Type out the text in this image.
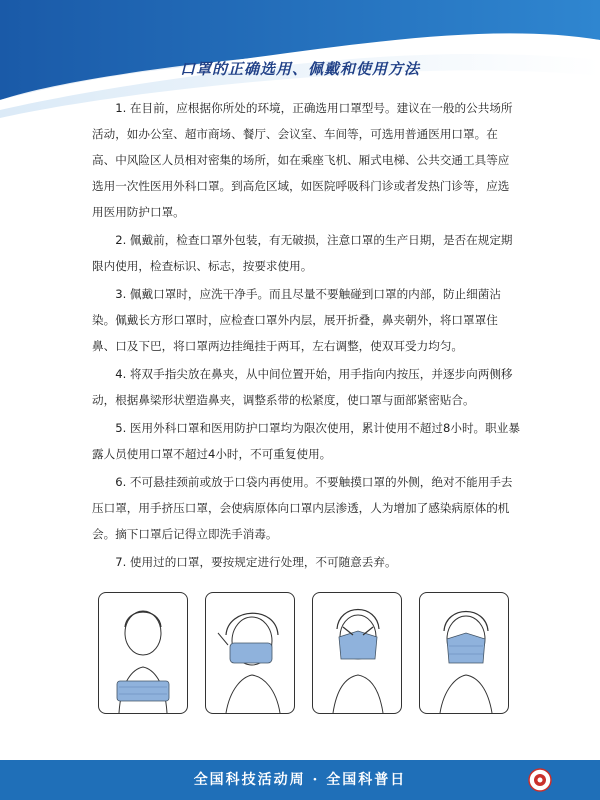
口罩的正确选用、佩戴和使用方法

1. 在目前，应根据你所处的环境，正确选用口罩型号。建议在一般的公共场所活动，如办公室、超市商场、餐厅、会议室、车间等，可选用普通医用口罩。在高、中风险区人员相对密集的场所，如在乘座飞机、厢式电梯、公共交通工具等应选用一次性医用外科口罩。到高危区域，如医院呼吸科门诊或者发热门诊等，应选用医用防护口罩。

2. 佩戴前，检查口罩外包装，有无破损，注意口罩的生产日期，是否在规定期限内使用，检查标识、标志，按要求使用。

3. 佩戴口罩时，应洗干净手。而且尽量不要触碰到口罩的内部，防止细菌沾染。佩戴长方形口罩时，应检查口罩外内层，展开折叠，鼻夹朝外，将口罩罩住鼻、口及下巴，将口罩两边挂绳挂于两耳，左右调整，使双耳受力均匀。

4. 将双手指尖放在鼻夹，从中间位置开始，用手指向内按压，并逐步向两侧移动，根据鼻梁形状塑造鼻夹，调整系带的松紧度，使口罩与面部紧密贴合。

5. 医用外科口罩和医用防护口罩均为限次使用，累计使用不超过8小时。职业暴露人员使用口罩不超过4小时，不可重复使用。

6. 不可悬挂颈前或放于口袋内再使用。不要触摸口罩的外侧，绝对不能用手去压口罩，用手挤压口罩，会使病原体向口罩内层渗透，人为增加了感染病原体的机会。摘下口罩后记得立即洗手消毒。

7. 使用过的口罩，要按规定进行处理，不可随意丢弃。

全国科技活动周 · 全国科普日
